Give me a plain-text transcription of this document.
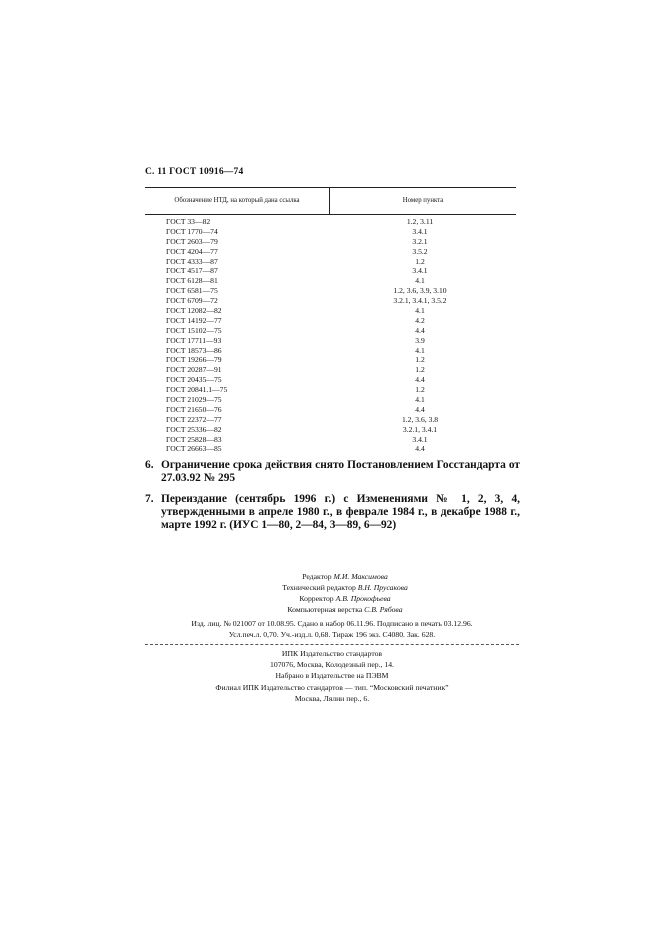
С. 11 ГОСТ 10916—74
Обозначение НТД, на который дана ссылка	Номер пункта
ГОСТ 33—82	1.2, 3.11
ГОСТ 1770—74	3.4.1
ГОСТ 2603—79	3.2.1
ГОСТ 4204—77	3.5.2
ГОСТ 4333—87	1.2
ГОСТ 4517—87	3.4.1
ГОСТ 6128—81	4.1
ГОСТ 6581—75	1.2, 3.6, 3.9, 3.10
ГОСТ 6709—72	3.2.1, 3.4.1, 3.5.2
ГОСТ 12082—82	4.1
ГОСТ 14192—77	4.2
ГОСТ 15102—75	4.4
ГОСТ 17711—93	3.9
ГОСТ 18573—86	4.1
ГОСТ 19266—79	1.2
ГОСТ 20287—91	1.2
ГОСТ 20435—75	4.4
ГОСТ 20841.1—75	1.2
ГОСТ 21029—75	4.1
ГОСТ 21650—76	4.4
ГОСТ 22372—77	1.2, 3.6, 3.8
ГОСТ 25336—82	3.2.1, 3.4.1
ГОСТ 25828—83	3.4.1
ГОСТ 26663—85	4.4
6. Ограничение срока действия снято Постановлением Госстандарта от 27.03.92 № 295
7. Переиздание (сентябрь 1996 г.) с Изменениями № 1, 2, 3, 4, утвержденными в апреле 1980 г., в феврале 1984 г., в декабре 1988 г., марте 1992 г. (ИУС 1—80, 2—84, 3—89, 6—92)
Редактор М.И. Максимова
Технический редактор В.Н. Прусакова
Корректор А.В. Прокофьева
Компьютерная верстка С.В. Рябова
Изд. лиц. № 021007 от 10.08.95. Сдано в набор 06.11.96. Подписано в печать 03.12.96.
Усл.печ.л. 0,70. Уч.-изд.л. 0,68. Тираж 196 экз. С4080. Зак. 628.
ИПК Издательство стандартов
107076, Москва, Колодезный пер., 14.
Набрано в Издательстве на ПЭВМ
Филиал ИПК Издательство стандартов — тип. “Московский печатник”
Москва, Лялин пер., 6.
